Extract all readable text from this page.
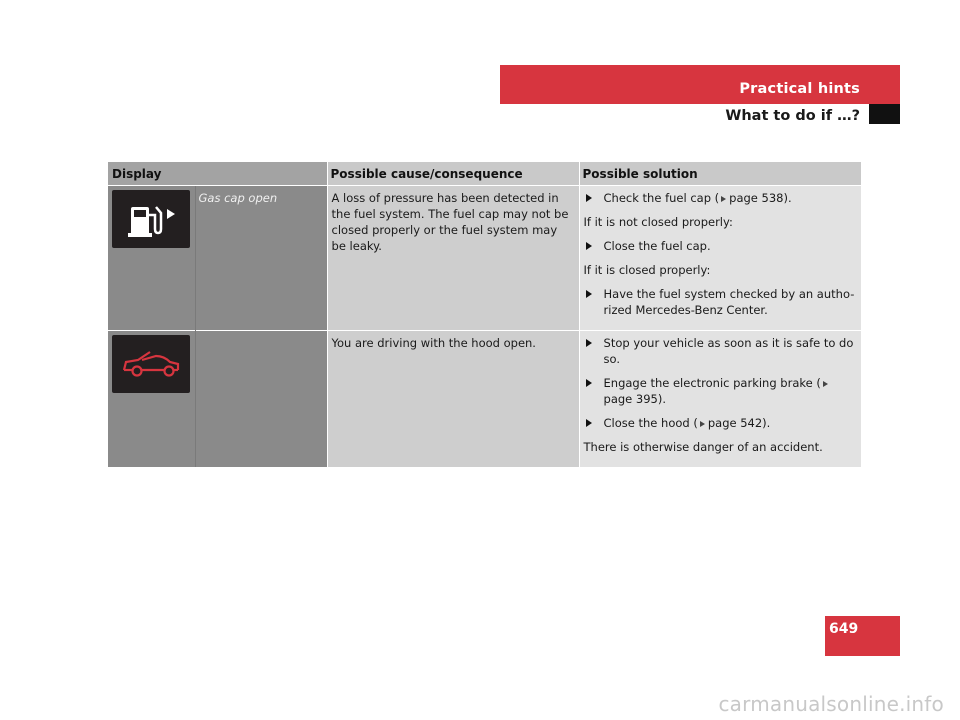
Practical hints
What to do if …?
Display		Possible cause/consequence	Possible solution

	Gas cap open	A loss of pressure has been detected in the fuel system. The fuel cap may not be closed properly or the fuel system may be leaky.	Check the fuel cap ( page 538).
If it is not closed properly:
Close the fuel cap.
If it is closed properly:
Have the fuel system checked by an autho-rized Mercedes-Benz Center.

		You are driving with the hood open.	Stop your vehicle as soon as it is safe to do so.
Engage the electronic parking brake (page 395).
Close the hood ( page 542).
There is otherwise danger of an accident.
649
carmanualsonline.info
